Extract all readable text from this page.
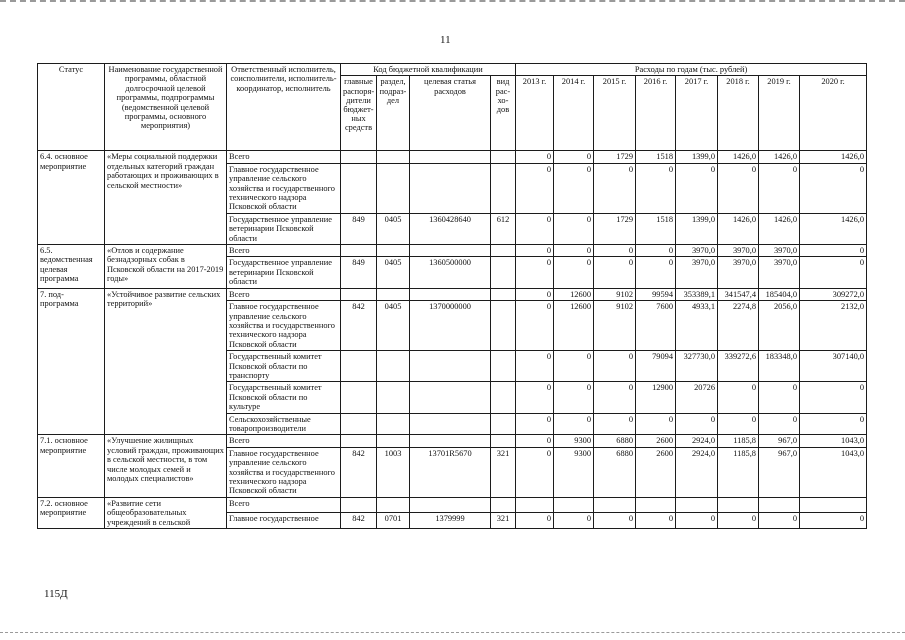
11
Статус	Наименование государственной программы, областной долгосрочной целевой программы, подпрограммы (ведомственной целевой программы, основного мероприятия)	Ответственный исполнитель, соисполнители, исполнитель-координатор, исполнитель	Код бюджетной квалификации				Расходы по годам (тыс. рублей)							
			главные распоря-дители бюджет-ных средств	раздел, подраз-дел	целевая статья расходов	вид рас-хо-дов	2013 г.	2014 г.	2015 г.	2016 г.	2017 г.	2018 г.	2019 г.	2020 г.
6.4. основное мероприятие	«Меры социальной поддержки отдельных категорий граждан работающих и проживающих в сельской местности»	Всего					0	0	1729	1518	1399,0	1426,0	1426,0	1426,0
		Главное государственное управление сельского хозяйства и государственного технического надзора Псковской области					0	0	0	0	0	0	0	0
		Государственное управление ветеринарии Псковской области	849	0405	1360428640	612	0	0	1729	1518	1399,0	1426,0	1426,0	1426,0
6.5. ведомственная целевая программа	«Отлов и содержание безнадзорных собак в Псковской области на 2017-2019 годы»	Всего					0	0	0	0	3970,0	3970,0	3970,0	0
		Государственное управление ветеринарии Псковской области	849	0405	1360500000		0	0	0	0	3970,0	3970,0	3970,0	0
7. под-программа	«Устойчивое развитие сельских территорий»	Всего					0	12600	9102	99594	353389,1	341547,4	185404,0	309272,0
		Главное государственное управление сельского хозяйства и государственного технического надзора Псковской области	842	0405	1370000000		0	12600	9102	7600	4933,1	2274,8	2056,0	2132,0
		Государственный комитет Псковской области по транспорту					0	0	0	79094	327730,0	339272,6	183348,0	307140,0
		Государственный комитет Псковской области по культуре					0	0	0	12900	20726	0	0	0
		Сельскохозяйственные товаропроизводители					0	0	0	0	0	0	0	0
7.1. основное мероприятие	«Улучшение жилищных условий граждан, проживающих в сельской местности, в том числе молодых семей и молодых специалистов»	Всего					0	9300	6880	2600	2924,0	1185,8	967,0	1043,0
		Главное государственное управление сельского хозяйства и государственного технического надзора Псковской области	842	1003	13701R5670	321	0	9300	6880	2600	2924,0	1185,8	967,0	1043,0
7.2. основное мероприятие	«Развитие сети общеобразовательных учреждений в сельской	Всего												
		Главное государственное	842	0701	1379999	321	0	0	0	0	0	0	0	0
115Д
